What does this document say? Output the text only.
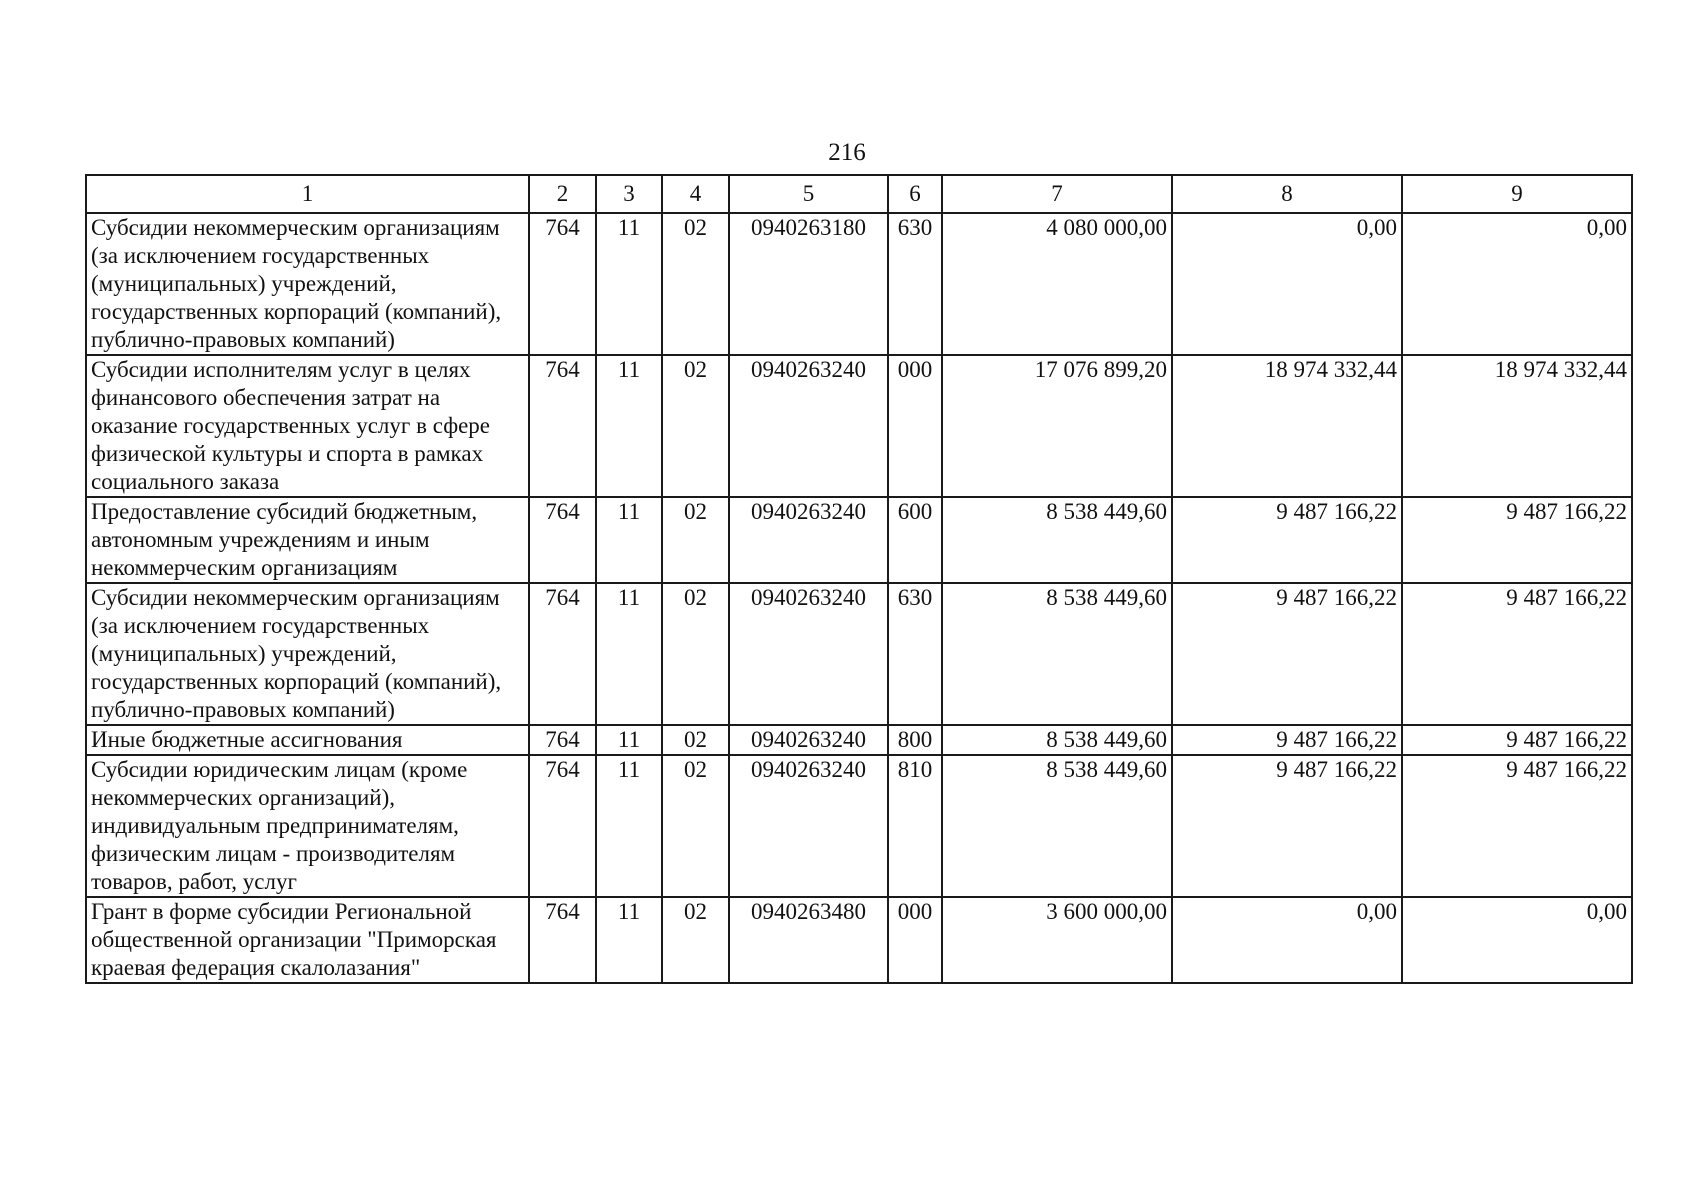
216
1	2	3	4	5	6	7	8	9
Субсидии некоммерческим организациям (за исключением государственных (муниципальных) учреждений, государственных корпораций (компаний), публично-правовых компаний)	764	11	02	0940263180	630	4 080 000,00	0,00	0,00
Субсидии исполнителям услуг в целях финансового обеспечения затрат на оказание государственных услуг в сфере физической культуры и спорта в рамках социального заказа	764	11	02	0940263240	000	17 076 899,20	18 974 332,44	18 974 332,44
Предоставление субсидий бюджетным, автономным учреждениям и иным некоммерческим организациям	764	11	02	0940263240	600	8 538 449,60	9 487 166,22	9 487 166,22
Субсидии некоммерческим организациям (за исключением государственных (муниципальных) учреждений, государственных корпораций (компаний), публично-правовых компаний)	764	11	02	0940263240	630	8 538 449,60	9 487 166,22	9 487 166,22
Иные бюджетные ассигнования	764	11	02	0940263240	800	8 538 449,60	9 487 166,22	9 487 166,22
Субсидии юридическим лицам (кроме некоммерческих организаций), индивидуальным предпринимателям, физическим лицам - производителям товаров, работ, услуг	764	11	02	0940263240	810	8 538 449,60	9 487 166,22	9 487 166,22
Грант в форме субсидии Региональной общественной организации "Приморская краевая федерация скалолазания"	764	11	02	0940263480	000	3 600 000,00	0,00	0,00
